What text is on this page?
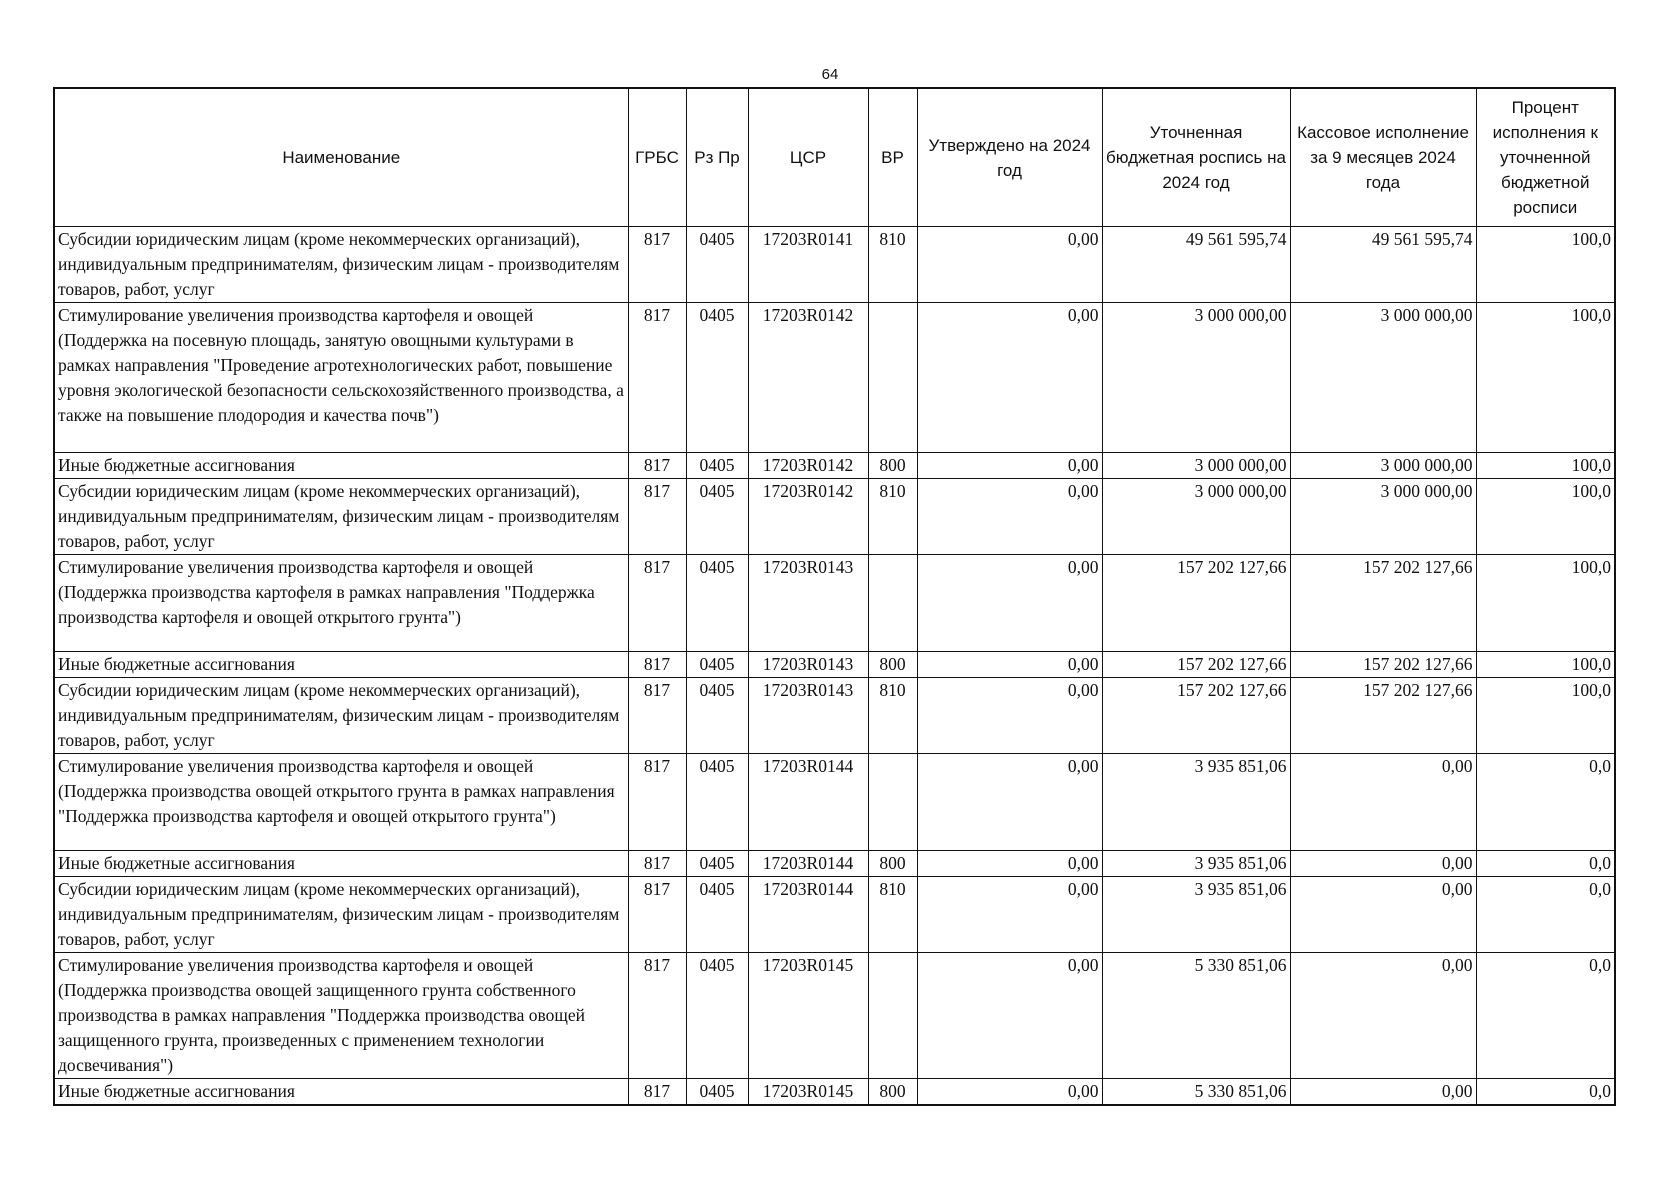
64
Наименование	ГРБС	Рз Пр	ЦСР	ВР	Утверждено на 2024 год	Уточненная бюджетная роспись на 2024 год	Кассовое исполнение за 9 месяцев 2024 года	Процент исполнения к уточненной бюджетной росписи
Субсидии юридическим лицам (кроме некоммерческих организаций), индивидуальным предпринимателям, физическим лицам - производителям товаров, работ, услуг	817	0405	17203R0141	810	0,00	49 561 595,74	49 561 595,74	100,0
Стимулирование увеличения производства картофеля и овощей (Поддержка на посевную площадь, занятую овощными культурами в рамках направления "Проведение агротехнологических работ, повышение уровня экологической безопасности сельскохозяйственного производства, а также на повышение плодородия и качества почв")	817	0405	17203R0142		0,00	3 000 000,00	3 000 000,00	100,0
Иные бюджетные ассигнования	817	0405	17203R0142	800	0,00	3 000 000,00	3 000 000,00	100,0
Субсидии юридическим лицам (кроме некоммерческих организаций), индивидуальным предпринимателям, физическим лицам - производителям товаров, работ, услуг	817	0405	17203R0142	810	0,00	3 000 000,00	3 000 000,00	100,0
Стимулирование увеличения производства картофеля и овощей (Поддержка производства картофеля в рамках направления "Поддержка производства картофеля и овощей открытого грунта")	817	0405	17203R0143		0,00	157 202 127,66	157 202 127,66	100,0
Иные бюджетные ассигнования	817	0405	17203R0143	800	0,00	157 202 127,66	157 202 127,66	100,0
Субсидии юридическим лицам (кроме некоммерческих организаций), индивидуальным предпринимателям, физическим лицам - производителям товаров, работ, услуг	817	0405	17203R0143	810	0,00	157 202 127,66	157 202 127,66	100,0
Стимулирование увеличения производства картофеля и овощей (Поддержка производства овощей открытого грунта в рамках направления "Поддержка производства картофеля и овощей открытого грунта")	817	0405	17203R0144		0,00	3 935 851,06	0,00	0,0
Иные бюджетные ассигнования	817	0405	17203R0144	800	0,00	3 935 851,06	0,00	0,0
Субсидии юридическим лицам (кроме некоммерческих организаций), индивидуальным предпринимателям, физическим лицам - производителям товаров, работ, услуг	817	0405	17203R0144	810	0,00	3 935 851,06	0,00	0,0
Стимулирование увеличения производства картофеля и овощей (Поддержка производства овощей защищенного грунта собственного производства в рамках направления "Поддержка производства овощей защищенного грунта, произведенных с применением технологии досвечивания")	817	0405	17203R0145		0,00	5 330 851,06	0,00	0,0
Иные бюджетные ассигнования	817	0405	17203R0145	800	0,00	5 330 851,06	0,00	0,0
